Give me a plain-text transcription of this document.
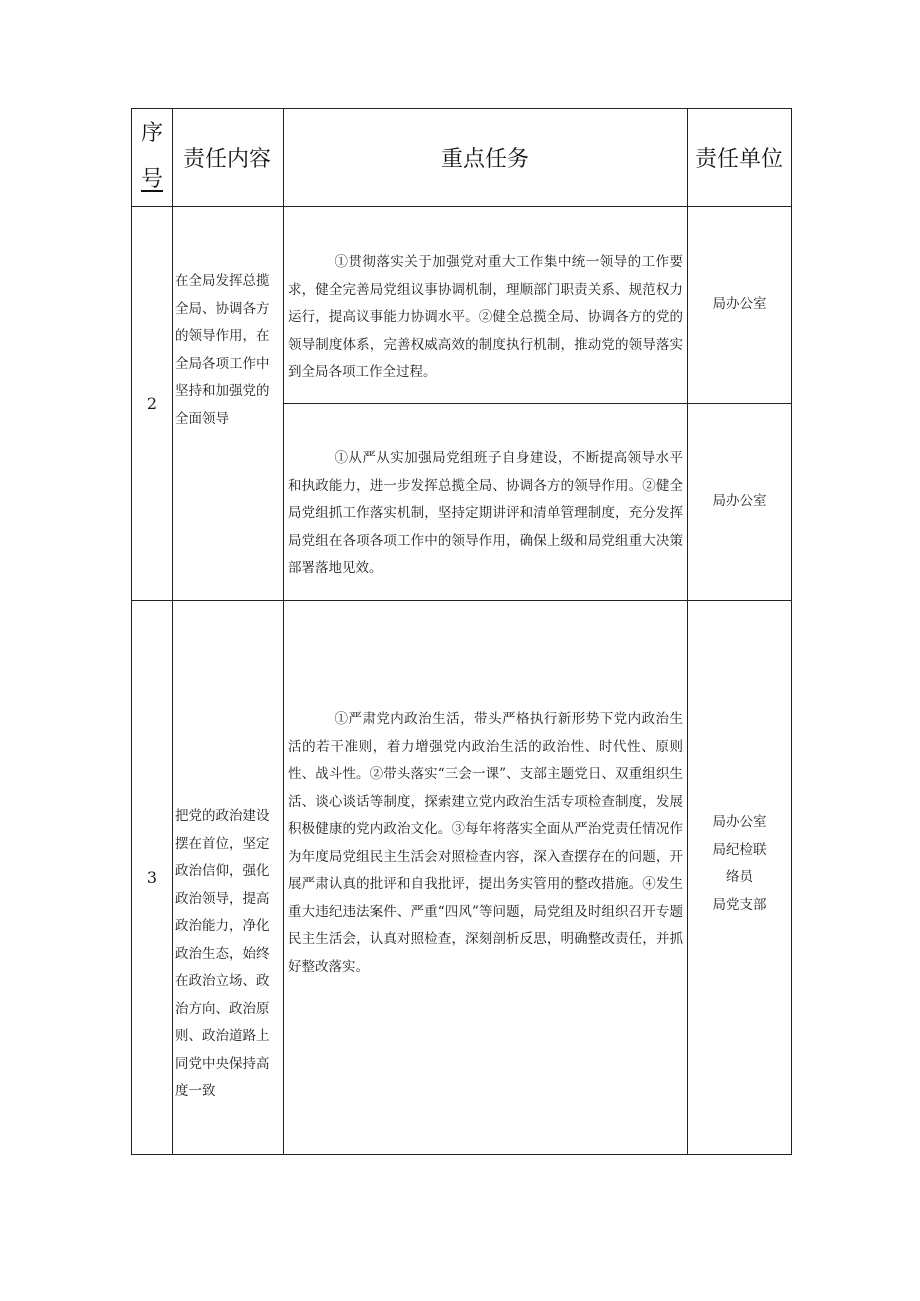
序
号
责任内容	重点任务	责任单位
2
在全局发挥总揽全局、协调各方的领导作用，在全局各项工作中坚持和加强党的全面领导
①贯彻落实关于加强党对重大工作集中统一领导的工作要求，健全完善局党组议事协调机制，理顺部门职责关系、规范权力运行，提高议事能力协调水平。②健全总揽全局、协调各方的党的领导制度体系，完善权威高效的制度执行机制，推动党的领导落实到全局各项工作全过程。
局办公室
①从严从实加强局党组班子自身建设，不断提高领导水平和执政能力，进一步发挥总揽全局、协调各方的领导作用。②健全局党组抓工作落实机制，坚持定期讲评和清单管理制度，充分发挥局党组在各项各项工作中的领导作用，确保上级和局党组重大决策部署落地见效。
局办公室
3
把党的政治建设摆在首位，坚定政治信仰，强化政治领导，提高政治能力，净化政治生态，始终在政治立场、政治方向、政治原则、政治道路上同党中央保持高度一致
①严肃党内政治生活，带头严格执行新形势下党内政治生活的若干准则，着力增强党内政治生活的政治性、时代性、原则性、战斗性。②带头落实“三会一课”、支部主题党日、双重组织生活、谈心谈话等制度，探索建立党内政治生活专项检查制度，发展积极健康的党内政治文化。③每年将落实全面从严治党责任情况作为年度局党组民主生活会对照检查内容，深入查摆存在的问题，开展严肃认真的批评和自我批评，提出务实管用的整改措施。④发生重大违纪违法案件、严重“四风”等问题，局党组及时组织召开专题民主生活会，认真对照检查，深刻剖析反思，明确整改责任，并抓好整改落实。
局办公室
局纪检联
络员
局党支部
